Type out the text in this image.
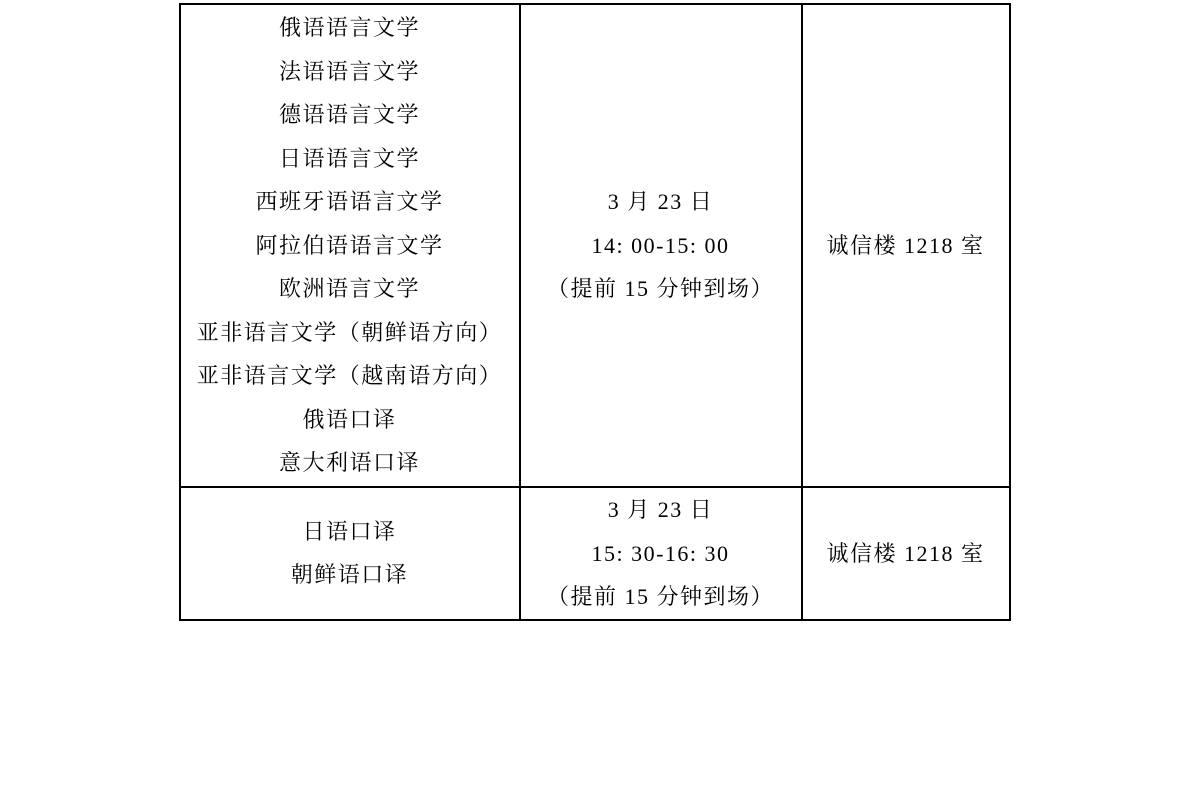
俄语语言文学
法语语言文学
德语语言文学
日语语言文学
西班牙语语言文学
阿拉伯语语言文学
欧洲语言文学
亚非语言文学（朝鲜语方向）
亚非语言文学（越南语方向）
俄语口译
意大利语口译

3 月 23 日
14: 00-15: 00
（提前 15 分钟到场）
	诚信楼 1218 室

日语口译
朝鲜语口译

3 月 23 日
15: 30-16: 30
（提前 15 分钟到场）
	诚信楼 1218 室
